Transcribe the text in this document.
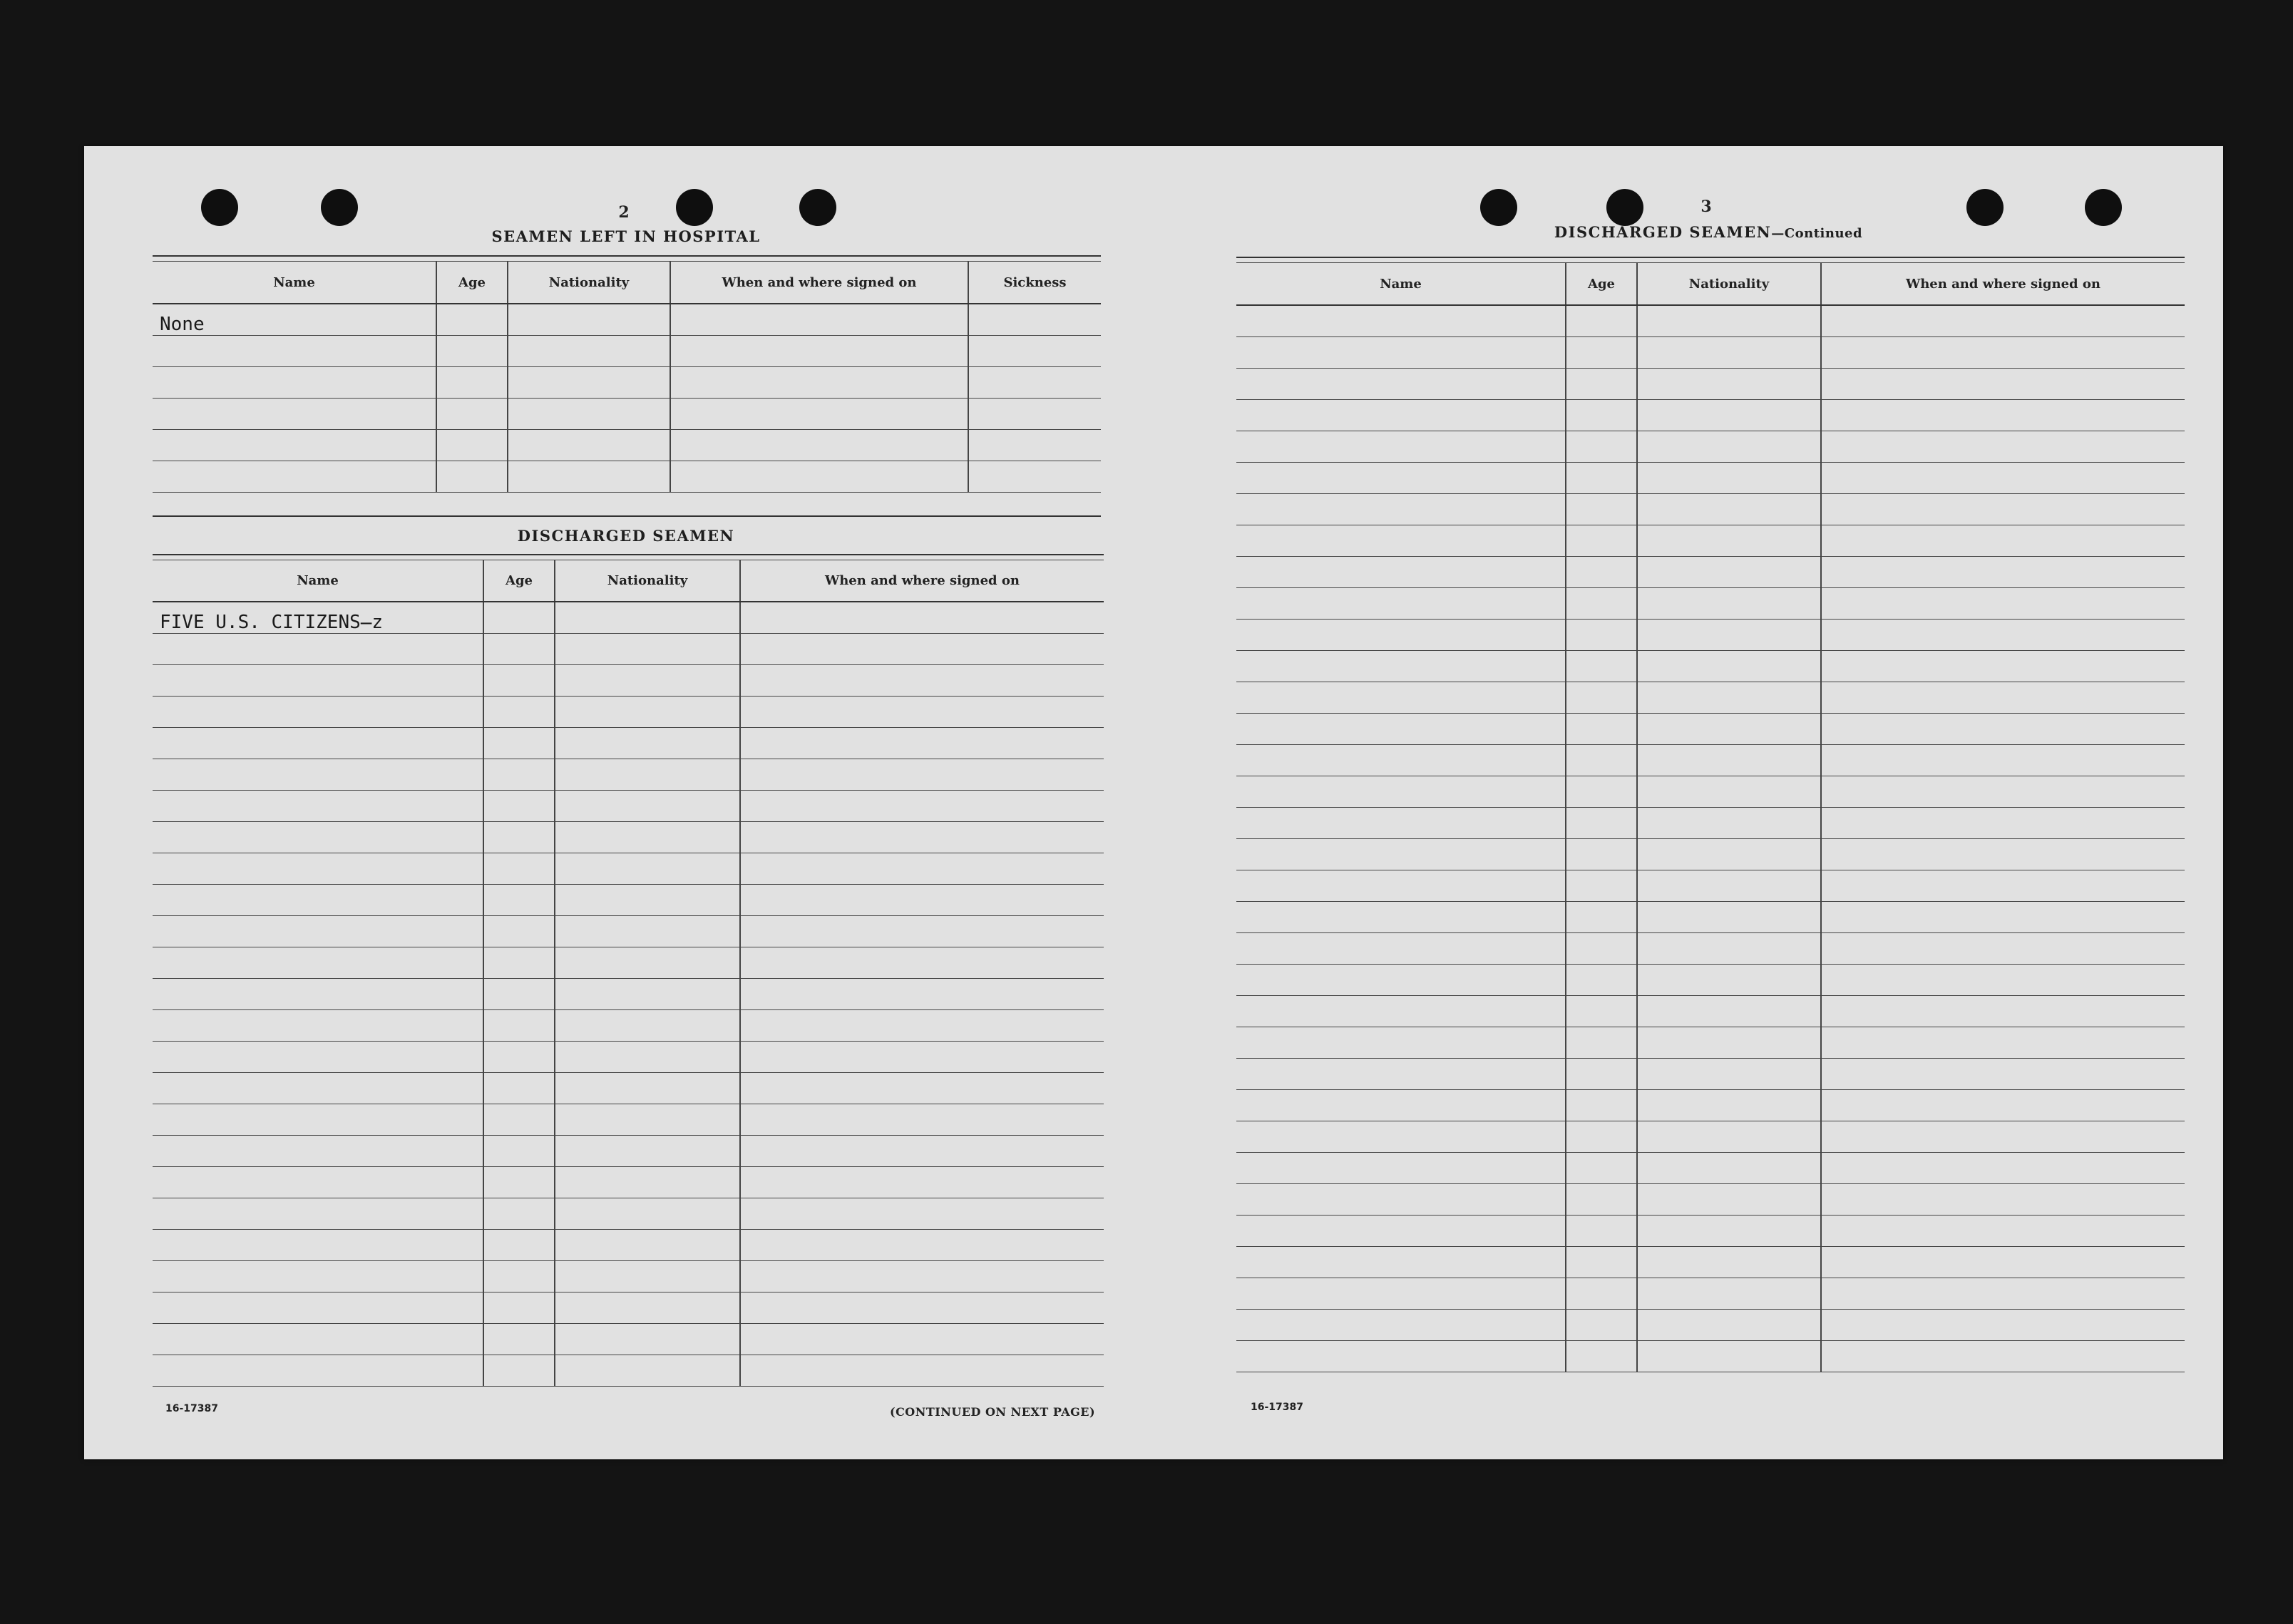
2
SEAMEN LEFT IN HOSPITAL
Name	Age	Nationality	When and where signed on	Sickness
None				

DISCHARGED SEAMEN
Name	Age	Nationality	When and where signed on
FIVE U.S. CITIZENS̶z			

16-17387	(CONTINUED ON NEXT PAGE)
3
DISCHARGED SEAMEN—Continued
Name	Age	Nationality	When and where signed on

16-17387
